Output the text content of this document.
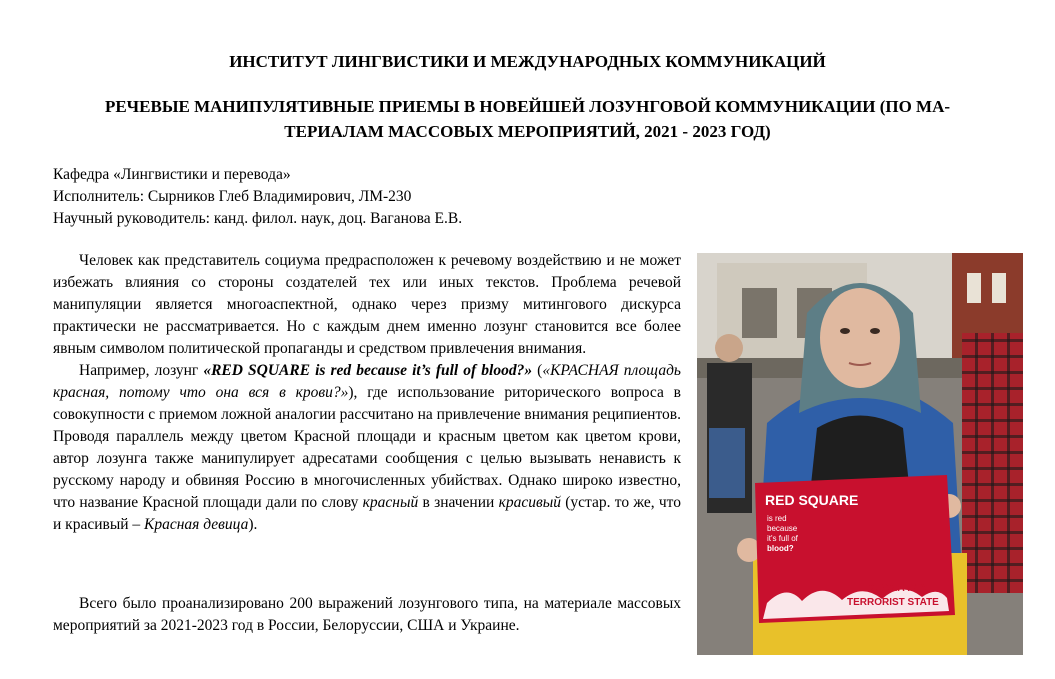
ИНСТИТУТ ЛИНГВИСТИКИ И МЕЖДУНАРОДНЫХ КОММУНИКАЦИЙ
РЕЧЕВЫЕ МАНИПУЛЯТИВНЫЕ ПРИЕМЫ В НОВЕЙШЕЙ ЛОЗУНГОВОЙ КОММУНИКАЦИИ (ПО МА-
ТЕРИАЛАМ МАССОВЫХ МЕРОПРИЯТИЙ, 2021 - 2023 ГОД)
Кафедра «Лингвистики и перевода»
Исполнитель: Сырников Глеб Владимирович, ЛМ-230
Научный руководитель: канд. филол. наук, доц. Ваганова Е.В.

Человек как представитель социума предрасположен к речевому воздействию и не может избежать влияния со стороны создателей тех или иных текстов. Проблема речевой манипуляции является многоаспектной, однако через призму митингового дискурса практически не рассматривается. Но с каждым днем именно лозунг становится все более явным символом политической пропаганды и средством привлечения внимания.

Например, лозунг «RED SQUARE is red because it’s full of blood?» («КРАСНАЯ площадь красная, потому что она вся в крови?»), где использование риторического вопроса в совокупности с приемом ложной аналогии рассчитано на привлечение внимания реципиентов. Проводя параллель между цветом Красной площади и красным цветом как цветом крови, автор лозунга также манипулирует адресатами сообщения с целью вызывать ненависть к русскому народу и обвиняя Россию в многочисленных убийствах. Однако широко известно, что название Красной площади дали по слову красный в значении красивый (устар. то же, что и красивый – Красная девица).

Всего было проанализировано 200 выражений лозунгового типа, на материале массовых мероприятий за 2021-2023 год в России, Белоруссии, США и Украине.

RED SQUARE
is red
because
it's full of
blood?
RUSSIA IS A
TERRORIST STATE
